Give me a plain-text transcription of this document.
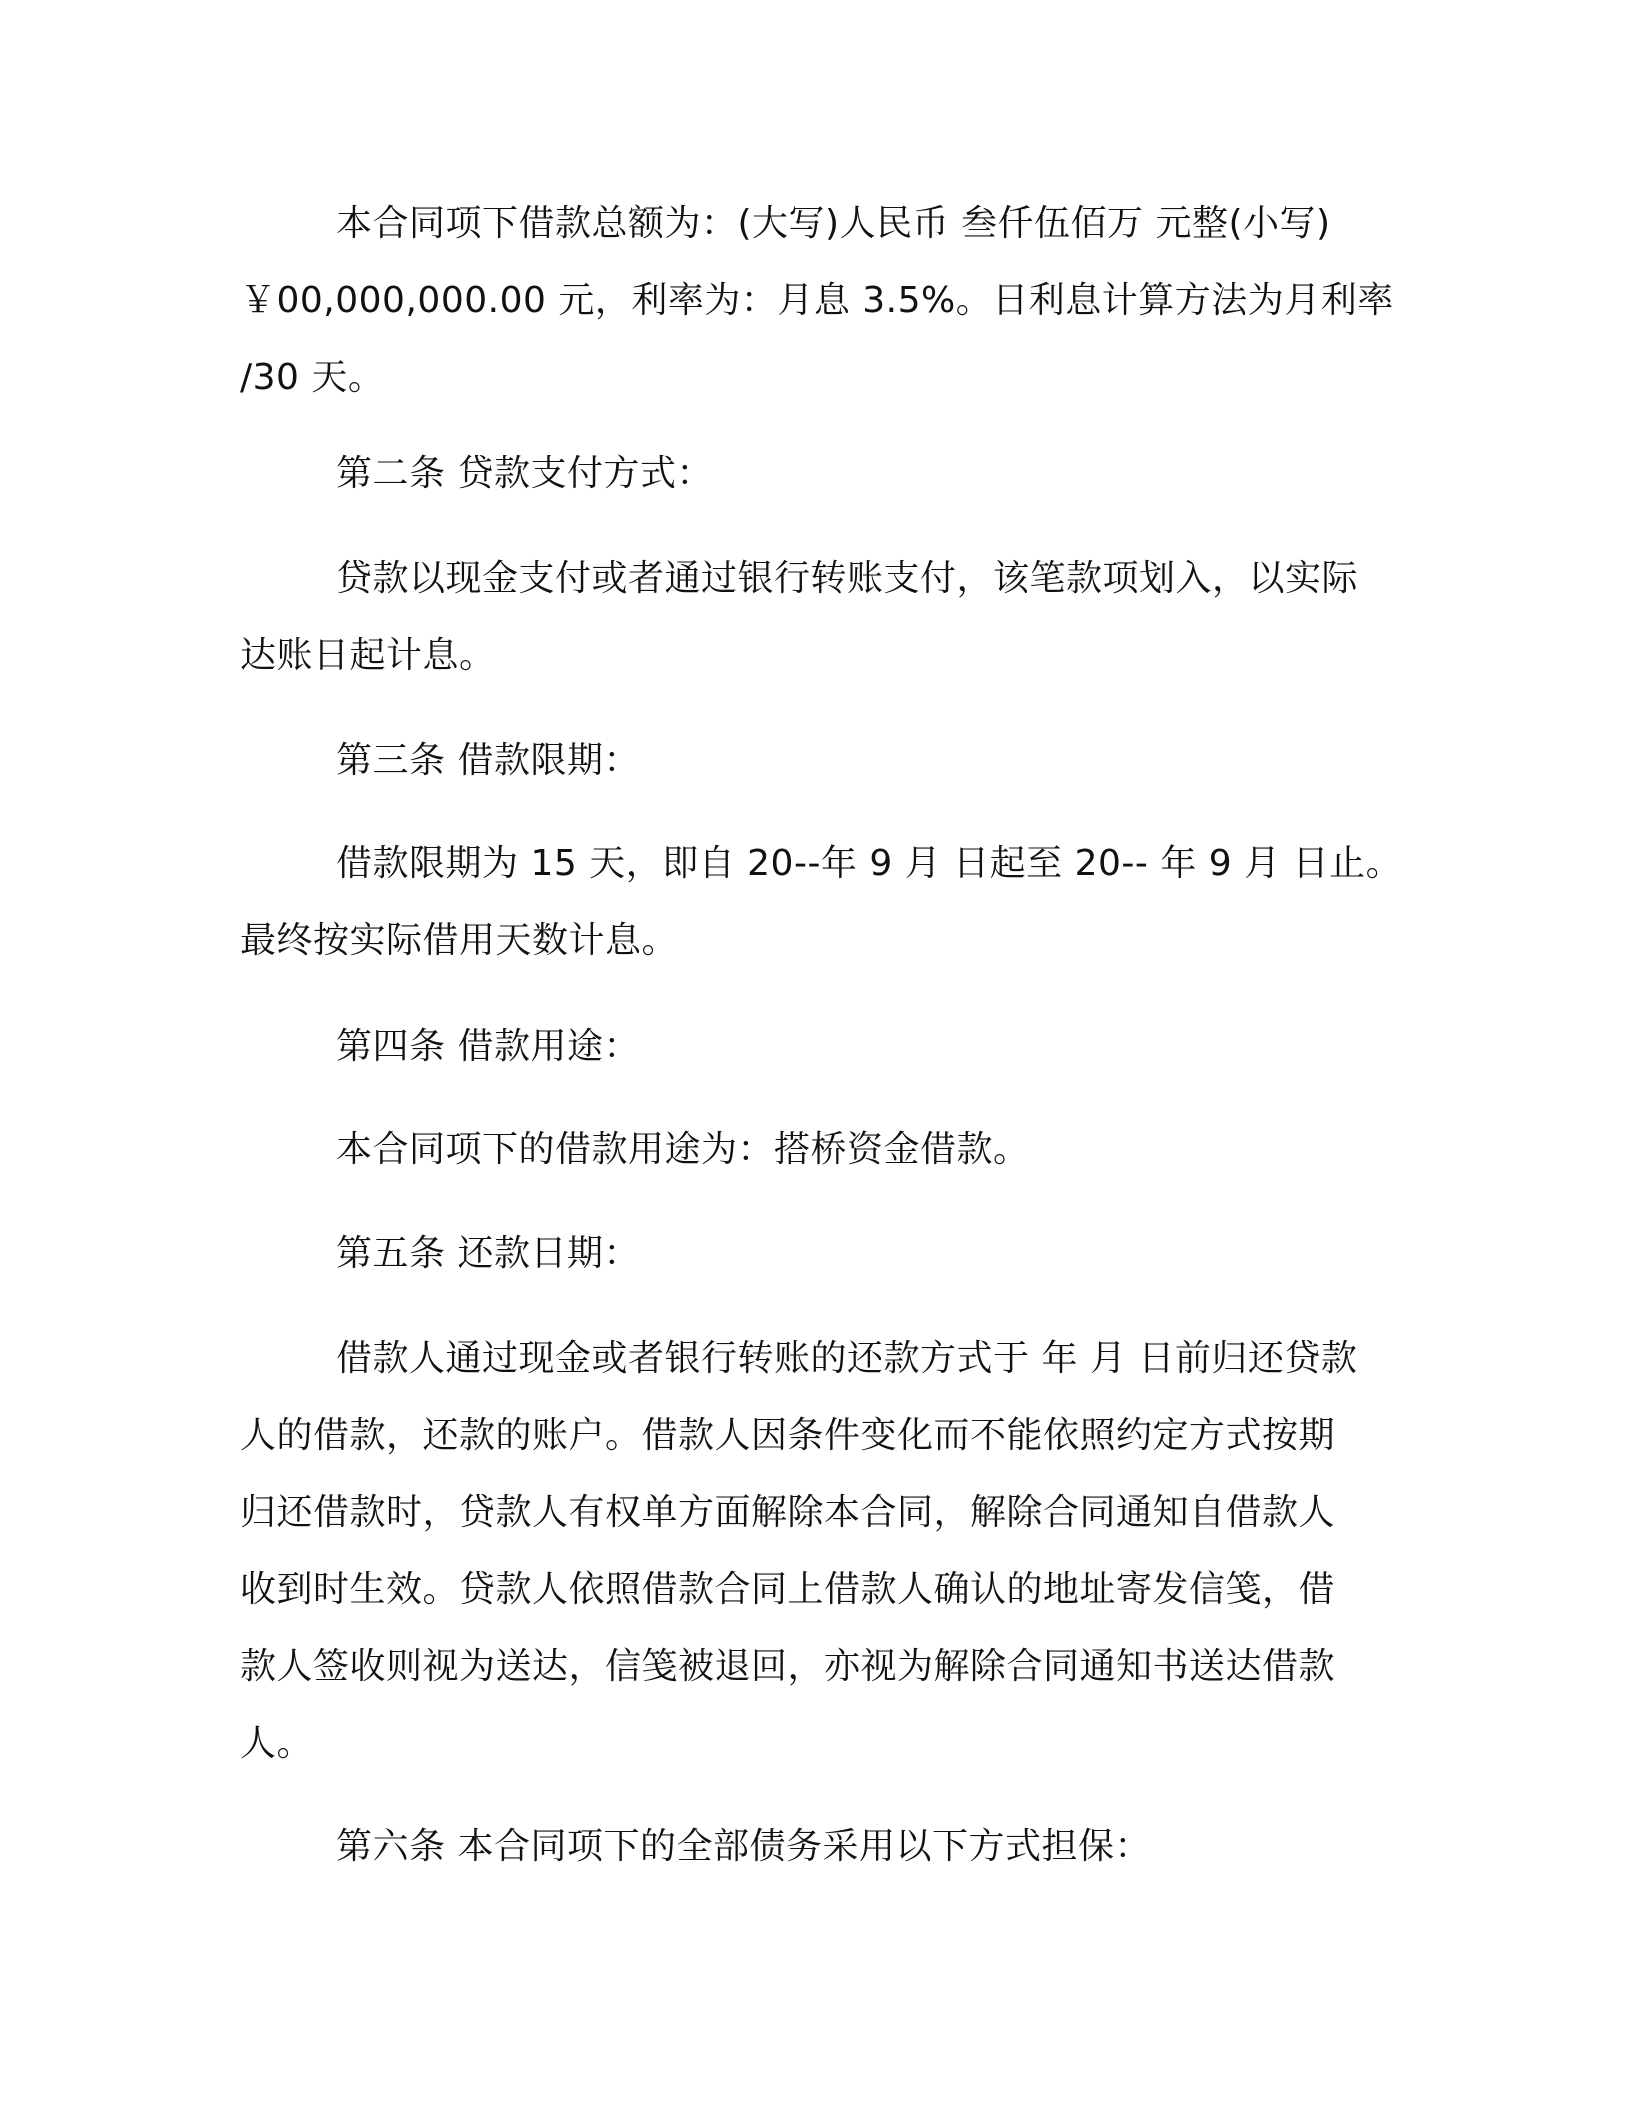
本合同项下借款总额为：(大写)人民币 叁仟伍佰万 元整(小写)
￥00,000,000.00 元，利率为：月息 3.5%。日利息计算方法为月利率
/30 天。
第二条 贷款支付方式：
贷款以现金支付或者通过银行转账支付，该笔款项划入，以实际
达账日起计息。
第三条 借款限期：
借款限期为 15 天，即自 20--年 9 月 日起至 20-- 年 9 月 日止。
最终按实际借用天数计息。
第四条 借款用途：
本合同项下的借款用途为：搭桥资金借款。
第五条 还款日期：
借款人通过现金或者银行转账的还款方式于 年 月 日前归还贷款
人的借款，还款的账户。借款人因条件变化而不能依照约定方式按期
归还借款时，贷款人有权单方面解除本合同，解除合同通知自借款人
收到时生效。贷款人依照借款合同上借款人确认的地址寄发信笺，借
款人签收则视为送达，信笺被退回，亦视为解除合同通知书送达借款
人。
第六条 本合同项下的全部债务采用以下方式担保：
